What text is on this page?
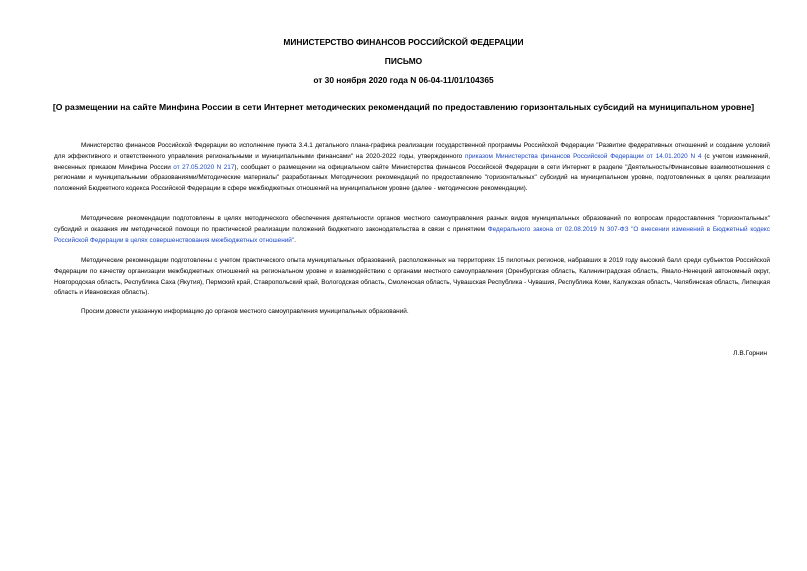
МИНИСТЕРСТВО ФИНАНСОВ РОССИЙСКОЙ ФЕДЕРАЦИИ
ПИСЬМО
от 30 ноября 2020 года N 06-04-11/01/104365
[О размещении на сайте Минфина России в сети Интернет методических рекомендаций по предоставлению горизонтальных субсидий на муниципальном уровне]

Министерство финансов Российской Федерации во исполнение пункта 3.4.1 детального плана-графика реализации государственной программы Российской Федерации "Развитие федеративных отношений и создание условий для эффективного и ответственного управления региональными и муниципальными финансами" на 2020-2022 годы, утвержденного приказом Министерства финансов Российской Федерации от 14.01.2020 N 4 (с учетом изменений, внесенных приказом Минфина России от 27.05.2020 N 217), сообщает о размещении на официальном сайте Министерства финансов Российской Федерации в сети Интернет в разделе "Деятельность/Финансовые взаимоотношения с регионами и муниципальными образованиями/Методические материалы" разработанных Методических рекомендаций по предоставлению "горизонтальных" субсидий на муниципальном уровне, подготовленных в целях реализации положений Бюджетного кодекса Российской Федерации в сфере межбюджетных отношений на муниципальном уровне (далее - методические рекомендации).

Методические рекомендации подготовлены в целях методического обеспечения деятельности органов местного самоуправления разных видов муниципальных образований по вопросам предоставления "горизонтальных" субсидий и оказания им методической помощи по практической реализации положений бюджетного законодательства в связи с принятием Федерального закона от 02.08.2019 N 307-ФЗ "О внесении изменений в Бюджетный кодекс Российской Федерации в целях совершенствования межбюджетных отношений".

Методические рекомендации подготовлены с учетом практического опыта муниципальных образований, расположенных на территориях 15 пилотных регионов, набравших в 2019 году высокий балл среди субъектов Российской Федерации по качеству организации межбюджетных отношений на региональном уровне и взаимодействию с органами местного самоуправления (Оренбургская область, Калининградская область, Ямало-Ненецкий автономный округ, Новгородская область, Республика Саха (Якутия), Пермский край, Ставропольский край, Вологодская область, Смоленская область, Чувашская Республика - Чувашия, Республика Коми, Калужская область, Челябинская область, Липецкая область и Ивановская область).

Просим довести указанную информацию до органов местного самоуправления муниципальных образований.

Л.В.Горнин
